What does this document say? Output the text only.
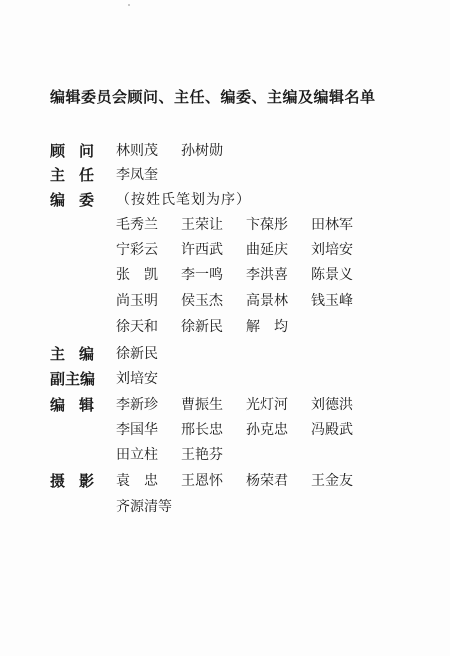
编辑委员会顾问、主任、编委、主编及编辑名单
顾问 林则茂	孙树勋
主任 李凤奎
编委 （按姓氏笔划为序）
毛秀兰	王荣让	卞葆彤	田林军
宁彩云	许西武	曲延庆	刘培安
张　凯	李一鸣	李洪喜	陈景义
尚玉明	侯玉杰	高景林	钱玉峰
徐天和	徐新民	解　均
主编 徐新民
副主编	刘培安
编辑 李新珍	曹振生	光灯河	刘德洪
李国华	邢长忠	孙克忠	冯殿武
田立柱	王艳芬
摄影 袁　忠	王恩怀	杨荣君	王金友
齐源清等
